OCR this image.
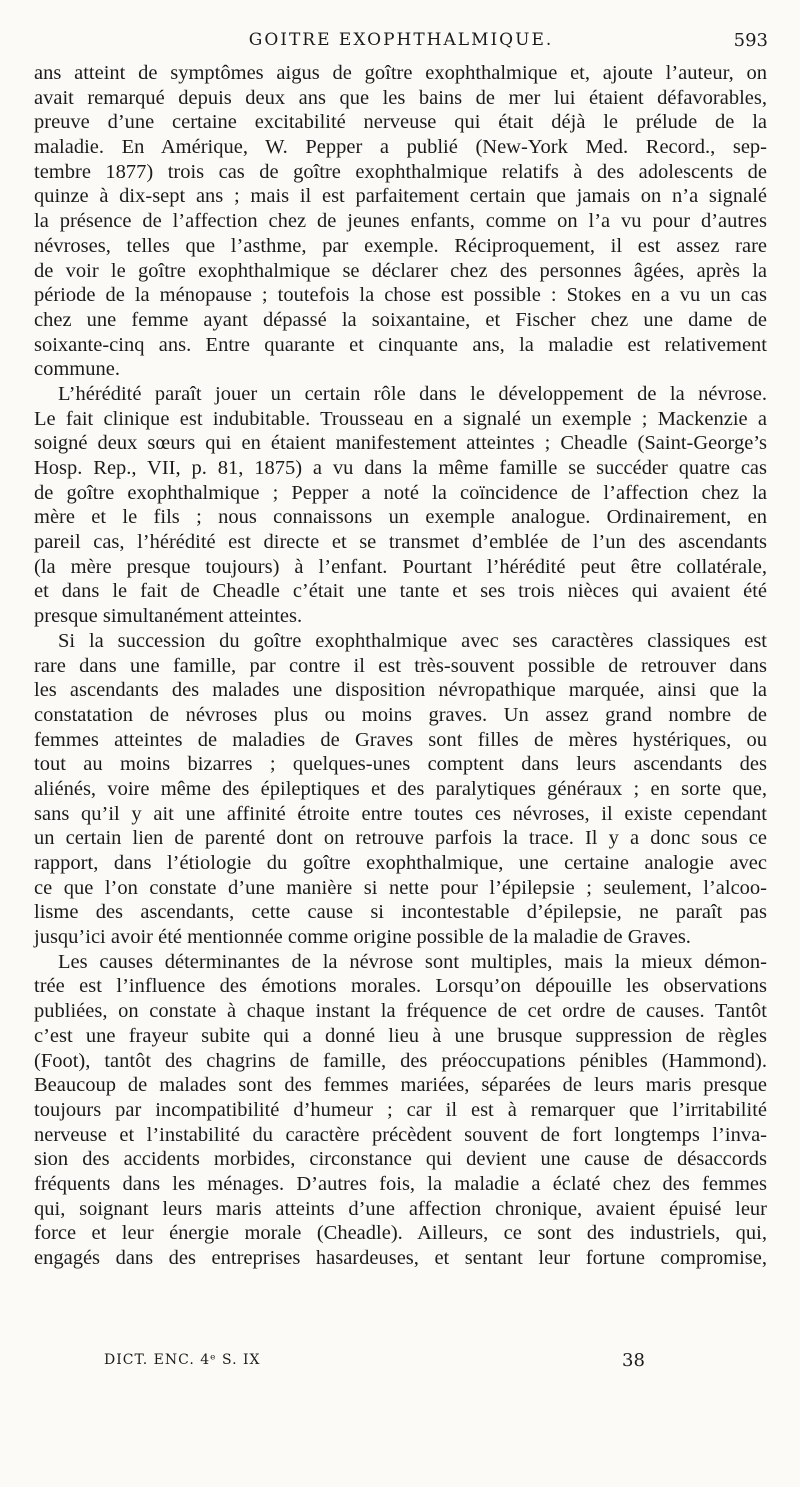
GOITRE EXOPHTHALMIQUE.	593
ans atteint de symptômes aigus de goître exophthalmique et, ajoute l’auteur, on
avait remarqué depuis deux ans que les bains de mer lui étaient défavorables,
preuve d’une certaine excitabilité nerveuse qui était déjà le prélude de la
maladie. En Amérique, W. Pepper a publié (New-York Med. Record., sep-
tembre 1877) trois cas de goître exophthalmique relatifs à des adolescents de
quinze à dix-sept ans ; mais il est parfaitement certain que jamais on n’a signalé
la présence de l’affection chez de jeunes enfants, comme on l’a vu pour d’autres
névroses, telles que l’asthme, par exemple. Réciproquement, il est assez rare
de voir le goître exophthalmique se déclarer chez des personnes âgées, après la
période de la ménopause ; toutefois la chose est possible : Stokes en a vu un cas
chez une femme ayant dépassé la soixantaine, et Fischer chez une dame de
soixante-cinq ans. Entre quarante et cinquante ans, la maladie est relativement
commune.
L’hérédité paraît jouer un certain rôle dans le développement de la névrose.
Le fait clinique est indubitable. Trousseau en a signalé un exemple ; Mackenzie a
soigné deux sœurs qui en étaient manifestement atteintes ; Cheadle (Saint-George’s
Hosp. Rep., VII, p. 81, 1875) a vu dans la même famille se succéder quatre cas
de goître exophthalmique ; Pepper a noté la coïncidence de l’affection chez la
mère et le fils ; nous connaissons un exemple analogue. Ordinairement, en
pareil cas, l’hérédité est directe et se transmet d’emblée de l’un des ascendants
(la mère presque toujours) à l’enfant. Pourtant l’hérédité peut être collatérale,
et dans le fait de Cheadle c’était une tante et ses trois nièces qui avaient été
presque simultanément atteintes.
Si la succession du goître exophthalmique avec ses caractères classiques est
rare dans une famille, par contre il est très-souvent possible de retrouver dans
les ascendants des malades une disposition névropathique marquée, ainsi que la
constatation de névroses plus ou moins graves. Un assez grand nombre de
femmes atteintes de maladies de Graves sont filles de mères hystériques, ou
tout au moins bizarres ; quelques-unes comptent dans leurs ascendants des
aliénés, voire même des épileptiques et des paralytiques généraux ; en sorte que,
sans qu’il y ait une affinité étroite entre toutes ces névroses, il existe cependant
un certain lien de parenté dont on retrouve parfois la trace. Il y a donc sous ce
rapport, dans l’étiologie du goître exophthalmique, une certaine analogie avec
ce que l’on constate d’une manière si nette pour l’épilepsie ; seulement, l’alcoo-
lisme des ascendants, cette cause si incontestable d’épilepsie, ne paraît pas
jusqu’ici avoir été mentionnée comme origine possible de la maladie de Graves.
Les causes déterminantes de la névrose sont multiples, mais la mieux démon-
trée est l’influence des émotions morales. Lorsqu’on dépouille les observations
publiées, on constate à chaque instant la fréquence de cet ordre de causes. Tantôt
c’est une frayeur subite qui a donné lieu à une brusque suppression de règles
(Foot), tantôt des chagrins de famille, des préoccupations pénibles (Hammond).
Beaucoup de malades sont des femmes mariées, séparées de leurs maris presque
toujours par incompatibilité d’humeur ; car il est à remarquer que l’irritabilité
nerveuse et l’instabilité du caractère précèdent souvent de fort longtemps l’inva-
sion des accidents morbides, circonstance qui devient une cause de désaccords
fréquents dans les ménages. D’autres fois, la maladie a éclaté chez des femmes
qui, soignant leurs maris atteints d’une affection chronique, avaient épuisé leur
force et leur énergie morale (Cheadle). Ailleurs, ce sont des industriels, qui,
engagés dans des entreprises hasardeuses, et sentant leur fortune compromise,
DICT. ENC. 4ᵉ S. IX	38
